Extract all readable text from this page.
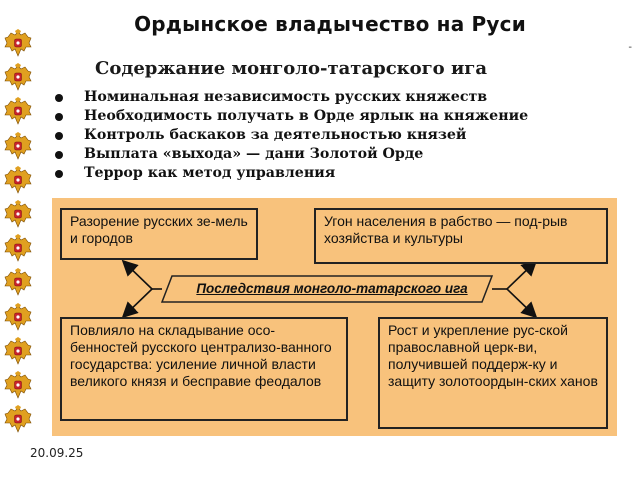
Ордынское владычество на Руси
-
Содержание монголо-татарского ига
Номинальная независимость русских княжеств
Необходимость получать в Орде ярлык на княжение
Контроль баскаков за деятельностью князей
Выплата «выхода» — дани Золотой Орде
Террор как метод управления
Разорение русских зе-мель и городов
Угон населения в рабство — под-рыв хозяйства и культуры
Последствия монголо-татарского ига
Повлияло на складывание осо-бенностей русского централизо-ванного государства: усиление личной власти великого князя и бесправие феодалов
Рост и укрепление рус-ской православной церк-ви, получившей поддерж-ку и защиту золотоордын-ских ханов
20.09.25
